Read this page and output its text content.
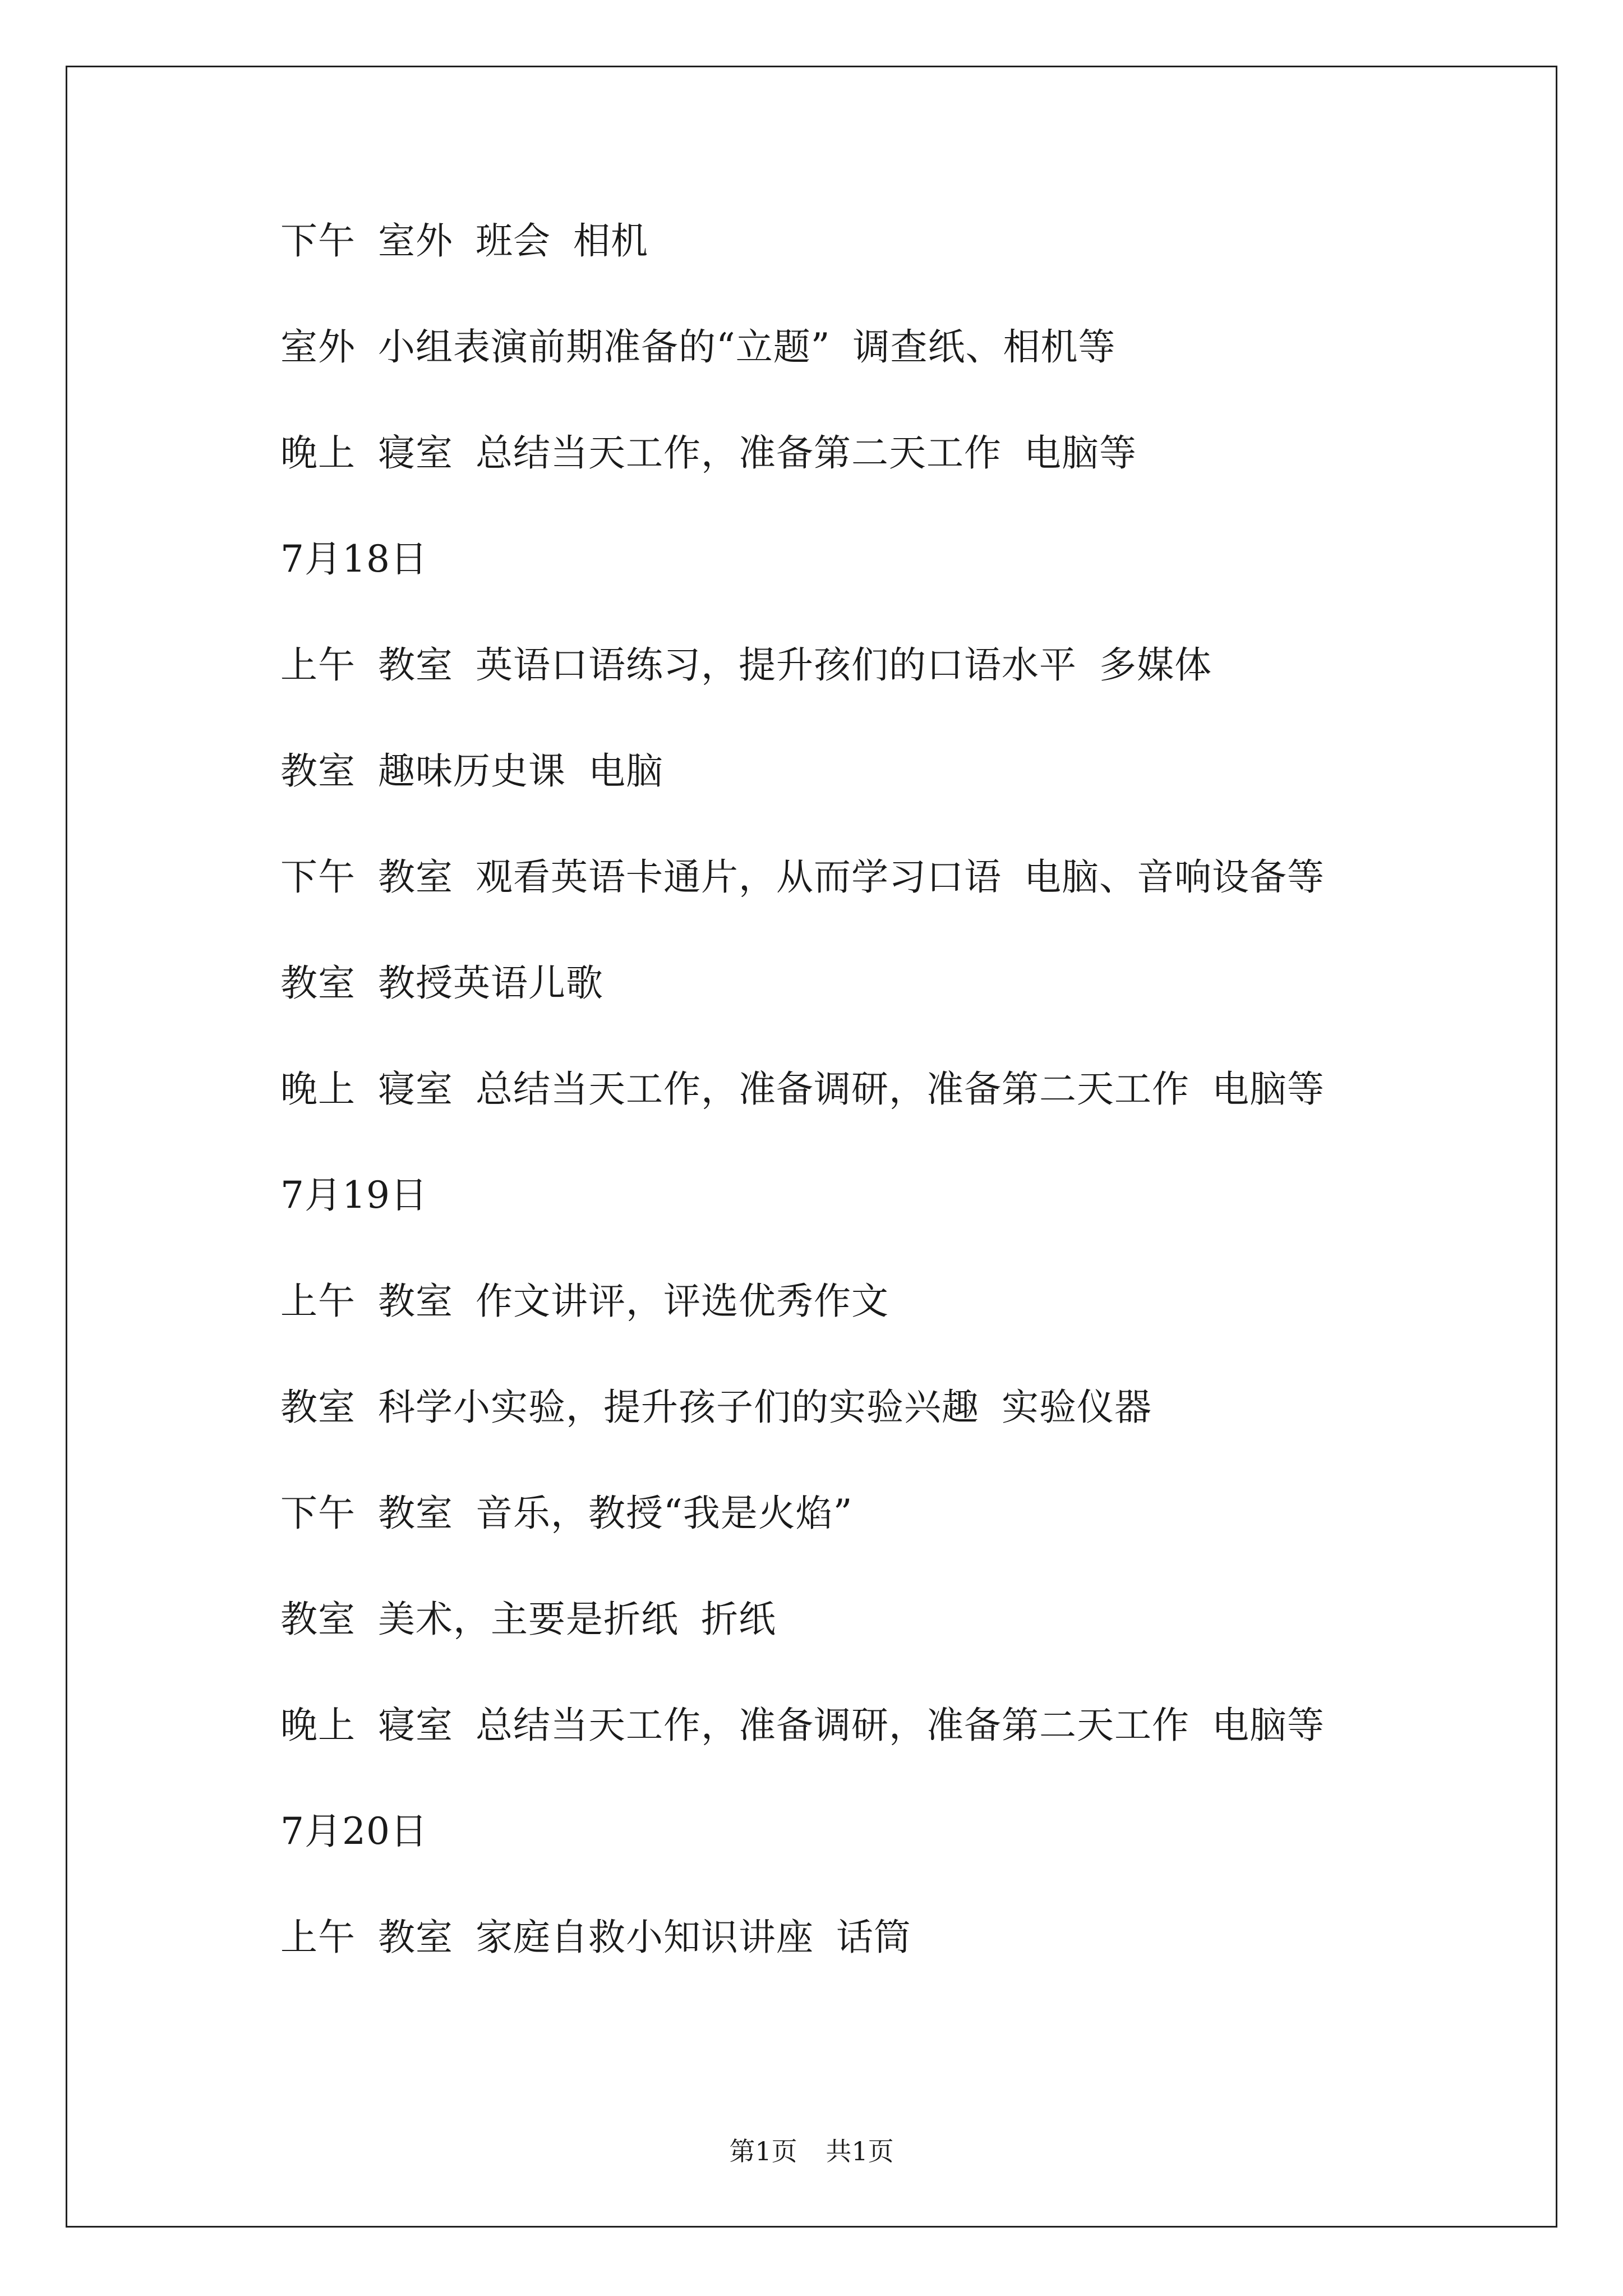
下午 室外 班会 相机
室外 小组表演前期准备的“立题” 调查纸、相机等
晚上 寝室 总结当天工作，准备第二天工作 电脑等
7月18日
上午 教室 英语口语练习，提升孩们的口语水平 多媒体
教室 趣味历史课 电脑
下午 教室 观看英语卡通片，从而学习口语 电脑、音响设备等
教室 教授英语儿歌
晚上 寝室 总结当天工作，准备调研，准备第二天工作 电脑等
7月19日
上午 教室 作文讲评，评选优秀作文
教室 科学小实验，提升孩子们的实验兴趣 实验仪器
下午 教室 音乐，教授“我是火焰”
教室 美术，主要是折纸 折纸
晚上 寝室 总结当天工作，准备调研，准备第二天工作 电脑等
7月20日
上午 教室 家庭自救小知识讲座 话筒
第1页 共1页
